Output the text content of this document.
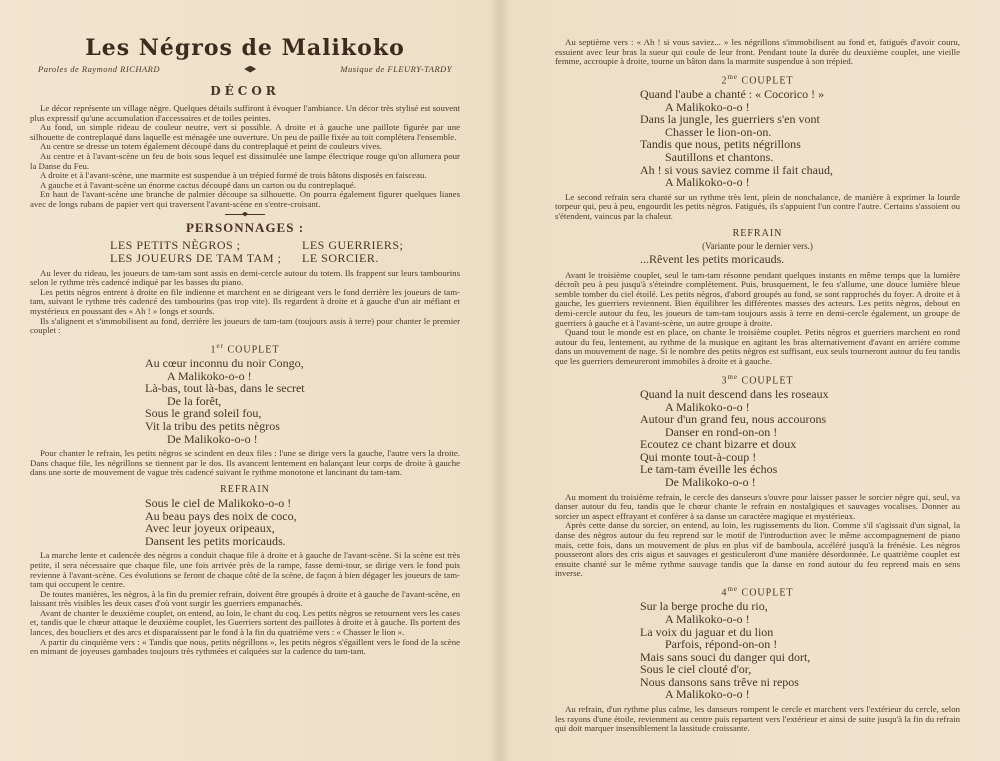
Les Négros de Malikoko
Paroles de Raymond RICHARD	Musique de FLEURY-TARDY
DÉCOR

Le décor représente un village nègre. Quelques détails suffiront à évoquer l'ambiance. Un décor très stylisé est souvent plus expressif qu'une accumulation d'accessoires et de toiles peintes.

Au fond, un simple rideau de couleur neutre, vert si possible. A droite et à gauche une paillote figurée par une silhouette de contreplaqué dans laquelle est ménagée une ouverture. Un peu de paille fixée au toit complétera l'ensemble.

Au centre se dresse un totem également découpé dans du contreplaqué et peint de couleurs vives.

Au centre et à l'avant-scène un feu de bois sous lequel est dissimulée une lampe électrique rouge qu'on allumera pour la Danse du Feu.

A droite et à l'avant-scène, une marmite est suspendue à un trépied formé de trois bâtons disposés en faisceau.

A gauche et à l'avant-scène un énorme cactus découpé dans un carton ou du contreplaqué.

En haut de l'avant-scène une branche de palmier découpe sa silhouette. On pourra également figurer quelques lianes avec de longs rubans de papier vert qui traversent l'avant-scène en s'entre-croisant.

PERSONNAGES :
LES PETITS NÈGROS ;	LES GUERRIERS;
LES JOUEURS DE TAM TAM ; LE SORCIER.

Au lever du rideau, les joueurs de tam-tam sont assis en demi-cercle autour du totem. Ils frappent sur leurs tambourins selon le rythme très cadencé indiqué par les basses du piano.

Les petits nègros entrent à droite en file indienne et marchent en se dirigeant vers le fond derrière les joueurs de tam-tam, suivant le rythme très cadencé des tambourins (pas trop vite). Ils regardent à droite et à gauche d'un air méfiant et mystérieux en poussant des « Ah ! » longs et sourds.

Ils s'alignent et s'immobilisent au fond, derrière les joueurs de tam-tam (toujours assis à terre) pour chanter le premier couplet :

1er COUPLET
Au cœur inconnu du noir Congo,
A Malikoko-o-o !
Là-bas, tout là-bas, dans le secret
De la forêt,
Sous le grand soleil fou,
Vit la tribu des petits nègros
De Malikoko-o-o !

Pour chanter le refrain, les petits nègros se scindent en deux files : l'une se dirige vers la gauche, l'autre vers la droite. Dans chaque file, les négrillons se tiennent par le dos. Ils avancent lentement en balançant leur corps de droite à gauche dans une sorte de mouvement de vague très cadencé suivant le rythme monotone et lancinant du tam-tam.

REFRAIN
Sous le ciel de Malikoko-o-o !
Au beau pays des noix de coco,
Avec leur joyeux oripeaux,
Dansent les petits moricauds.

La marche lente et cadencée des nègros a conduit chaque file à droite et à gauche de l'avant-scène. Si la scène est très petite, il sera nécessaire que chaque file, une fois arrivée près de la rampe, fasse demi-tour, se dirige vers le fond puis revienne à l'avant-scène. Ces évolutions se feront de chaque côté de la scène, de façon à bien dégager les joueurs de tam-tam qui occupent le centre.

De toutes manières, les nègros, à la fin du premier refrain, doivent être groupés à droite et à gauche de l'avant-scène, en laissant très visibles les deux cases d'où vont surgir les guerriers empanachés.

Avant de chanter le deuxième couplet, on entend, au loin, le chant du coq. Les petits nègros se retournent vers les cases et, tandis que le chœur attaque le deuxième couplet, les Guerriers sortent des paillotes à droite et à gauche. Ils portent des lances, des boucliers et des arcs et disparaissent par le fond à la fin du quatrième vers : « Chasser le lion ».

A partir du cinquième vers : « Tandis que nous, petits négrillons », les petits nègros s'égaillent vers le fond de la scène en mimant de joyeuses gambades toujours très rythmées et calquées sur la cadence du tam-tam.

Au septième vers : « Ah ! si vous saviez... » les négrillons s'immobilisent au fond et, fatigués d'avoir couru, essuient avec leur bras la sueur qui coule de leur front. Pendant toute la durée du deuxième couplet, une vieille femme, accroupie à droite, tourne un bâton dans la marmite suspendue à son trépied.

$2^{me}$ COUPLET
Quand l'aube a chanté : « Cocorico ! »
A Malikoko-o-o !
Dans la jungle, les guerriers s'en vont
Chasser le lion-on-on.
Tandis que nous, petits négrillons
Sautillons et chantons.
Ah ! si vous saviez comme il fait chaud,
A Malikoko-o-o !

Le second refrain sera chanté sur un rythme très lent, plein de nonchalance, de manière à exprimer la lourde torpeur qui, peu à peu, engourdit les petits nègros. Fatigués, ils s'appuient l'un contre l'autre. Certains s'assoient ou s'étendent, vaincus par la chaleur.

REFRAIN
(Variante pour le dernier vers.)
...Rêvent les petits moricauds.

Avant le troisième couplet, seul le tam-tam résonne pendant quelques instants en même temps que la lumière décroît peu à peu jusqu'à s'éteindre complètement. Puis, brusquement, le feu s'allume, une douce lumière bleue semble tomber du ciel étoilé. Les petits nègros, d'abord groupés au fond, se sont rapprochés du foyer. A droite et à gauche, les guerriers reviennent. Bien équilibrer les différentes masses des acteurs. Les petits nègros, debout en demi-cercle autour du feu, les joueurs de tam-tam toujours assis à terre en demi-cercle également, un groupe de guerriers à gauche et à l'avant-scène, un autre groupe à droite.

Quand tout le monde est en place, on chante le troisième couplet. Petits nègros et guerriers marchent en rond autour du feu, lentement, au rythme de la musique en agitant les bras alternativement d'avant en arrière comme dans un mouvement de nage. Si le nombre des petits nègros est suffisant, eux seuls tourneront autour du feu tandis que les guerriers demeureront immobiles à droite et à gauche.

$3^{me}$ COUPLET
Quand la nuit descend dans les roseaux
A Malikoko-o-o !
Autour d'un grand feu, nous accourons
Danser en rond-on-on !
Ecoutez ce chant bizarre et doux
Qui monte tout-à-coup !
Le tam-tam éveille les échos
De Malikoko-o-o !

Au moment du troisième refrain, le cercle des danseurs s'ouvre pour laisser passer le sorcier nègre qui, seul, va danser autour du feu, tandis que le chœur chante le refrain en nostalgiques et sauvages vocalises. Donner au sorcier un aspect effrayant et conférer à sa danse un caractère magique et mystérieux.

Après cette danse du sorcier, on entend, au loin, les rugissements du lion. Comme s'il s'agissait d'un signal, la danse des nègros autour du feu reprend sur le motif de l'introduction avec le même accompagnement de piano mais, cette fois, dans un mouvement de plus en plus vif de bamboula, accéléré jusqu'à la frénésie. Les nègros pousseront alors des cris aigus et sauvages et gesticuleront d'une manière désordonnée. Le quatrième couplet est ensuite chanté sur le même rythme sauvage tandis que la danse en rond autour du feu reprend mais en sens inverse.

$4^{me}$ COUPLET
Sur la berge proche du rio,
A Malikoko-o-o !
La voix du jaguar et du lion
Parfois, répond-on-on !
Mais sans souci du danger qui dort,
Sous le ciel clouté d'or,
Nous dansons sans trêve ni repos
A Malikoko-o-o !

Au refrain, d'un rythme plus calme, les danseurs rompent le cercle et marchent vers l'extérieur du cercle, selon les rayons d'une étoile, revienment au centre puis repartent vers l'extérieur et ainsi de suite jusqu'à la fin du refrain qui doit marquer insensiblement la lassitude croissante.
